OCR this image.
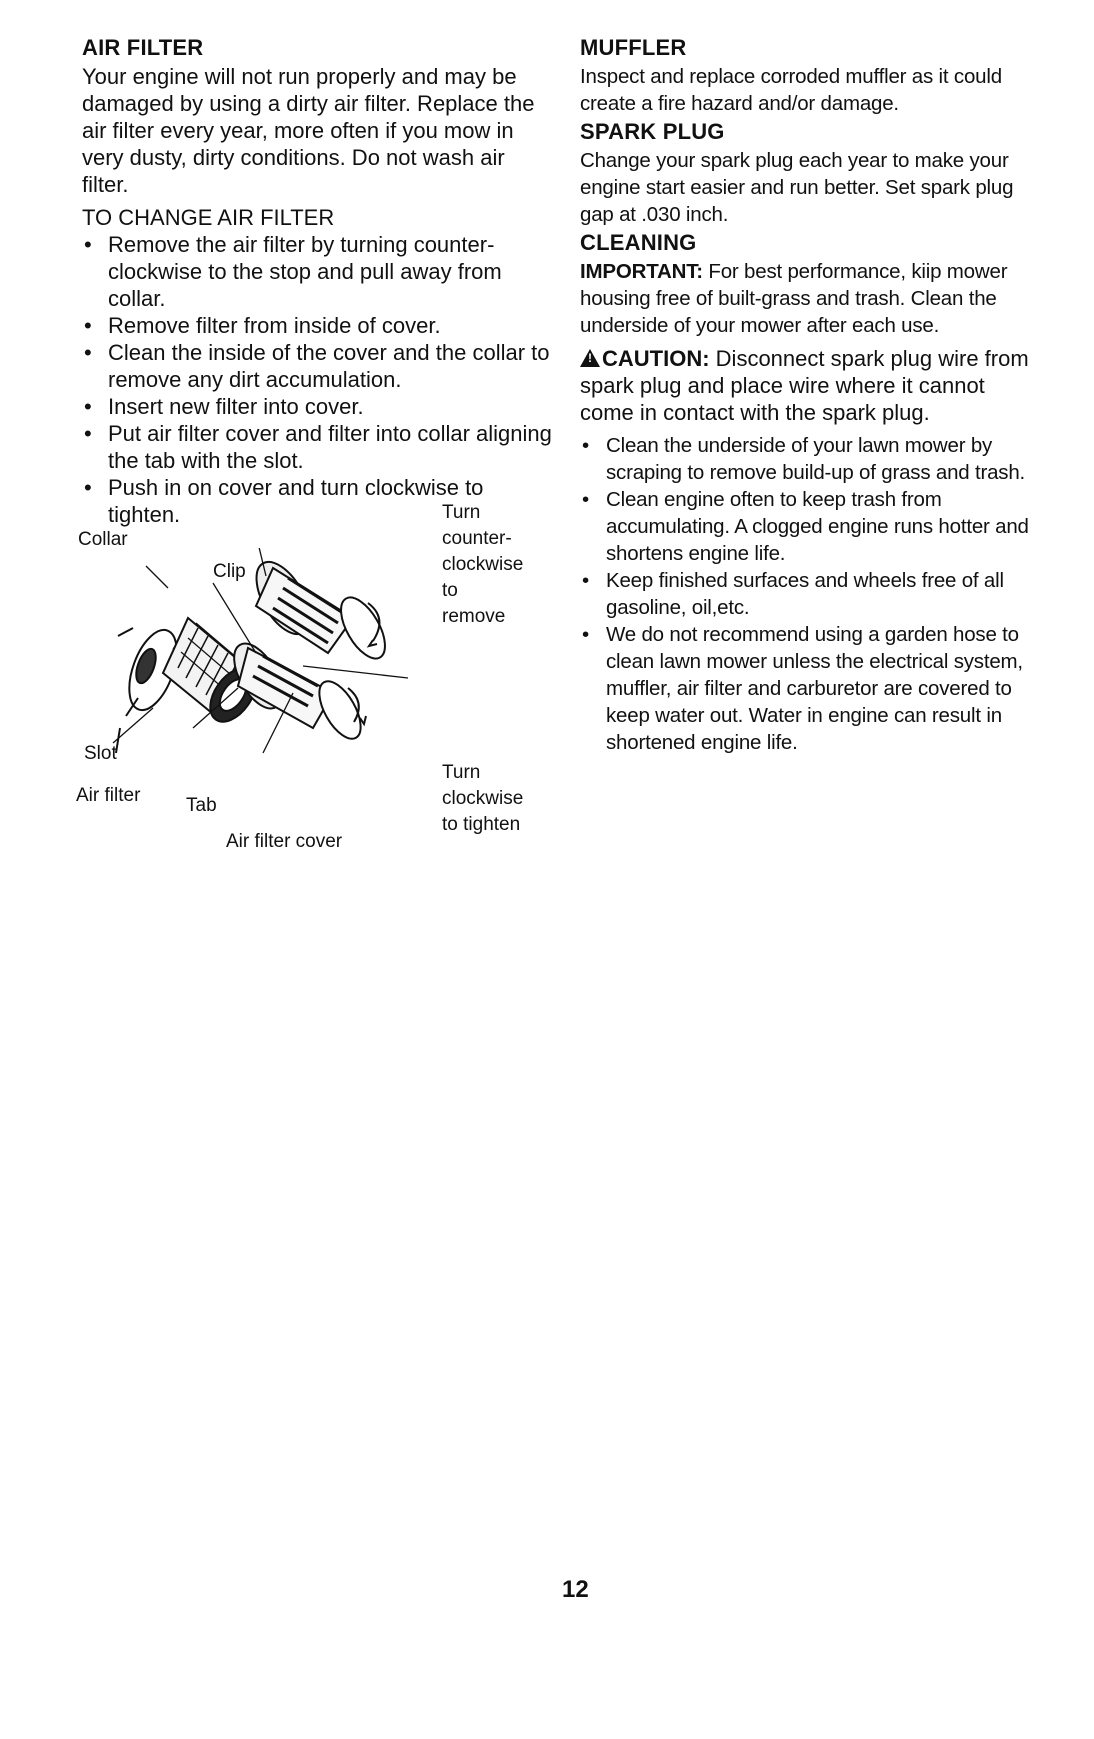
AIR FILTER
Your engine will not run properly and may be damaged by using a dirty air filter. Replace the air filter every year, more often if you mow in very dusty, dirty conditions. Do not wash air filter.
TO CHANGE AIR FILTER
• Remove the air filter by turning counter-clockwise to the stop and pull away from collar.
• Remove filter from inside of cover.
• Clean the inside of the cover and the collar to remove any dirt accumulation.
• Insert new filter into cover.
• Put air filter cover and filter into collar aligning the tab with the slot.
• Push in on cover and turn clockwise to tighten.
Collar
Clip
Slot
Air filter Tab
Air filter cover
Turn
counter-
clockwise
to
remove
Turn
clockwise
to tighten
MUFFLER
Inspect and replace corroded muffler as it could create a fire hazard and/or damage.
SPARK PLUG
Change your spark plug each year to make your engine start easier and run better. Set spark plug gap at .030 inch.
CLEANING
IMPORTANT: For best performance, kiip mower housing free of built-grass and trash. Clean the underside of your mower after each use.
!CAUTION: Disconnect spark plug wire from spark plug and place wire where it cannot come in contact with the spark plug.
• Clean the underside of your lawn mower by scraping to remove build-up of grass and trash.
• Clean engine often to keep trash from accumulating. A clogged engine runs hotter and shortens engine life.
• Keep finished surfaces and wheels free of all gasoline, oil,etc.
• We do not recommend using a garden hose to clean lawn mower unless the electrical system, muffler, air filter and carburetor are covered to keep water out. Water in engine can result in shortened engine life.
12
